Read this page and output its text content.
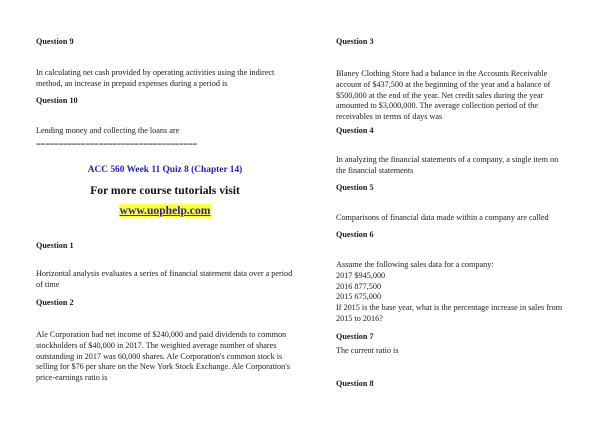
Question 9
In calculating net cash provided by operating activities using the indirect method, an increase in prepaid expenses during a period is
Question 10
Lending money and collecting the loans are
====================================
ACC 560 Week 11 Quiz 8 (Chapter 14)
For more course tutorials visit
www.uophelp.com
Question 1
Horizontal analysis evaluates a series of financial statement data over a period of time
Question 2
Ale Corporation had net income of $240,000 and paid dividends to common stockholders of $40,000 in 2017. The weighted average number of shares outstanding in 2017 was 60,000 shares. Ale Corporation's common stock is selling for $76 per share on the New York Stock Exchange. Ale Corporation's price-earnings ratio is
Question 3
Blaney Clothing Store had a balance in the Accounts Receivable account of $437,500 at the beginning of the year and a balance of $500,000 at the end of the year. Net credit sales during the year amounted to $3,000,000. The average collection period of the receivables in terms of days was
Question 4
In analyzing the financial statements of a company, a single item on the financial statements
Question 5
Comparisons of financial data made within a company are called
Question 6
Assume the following sales data for a company:
2017 $945,000
2016 877,500
2015 675,000
If 2015 is the base year, what is the percentage increase in sales from 2015 to 2016?
Question 7
The current ratio is
Question 8
